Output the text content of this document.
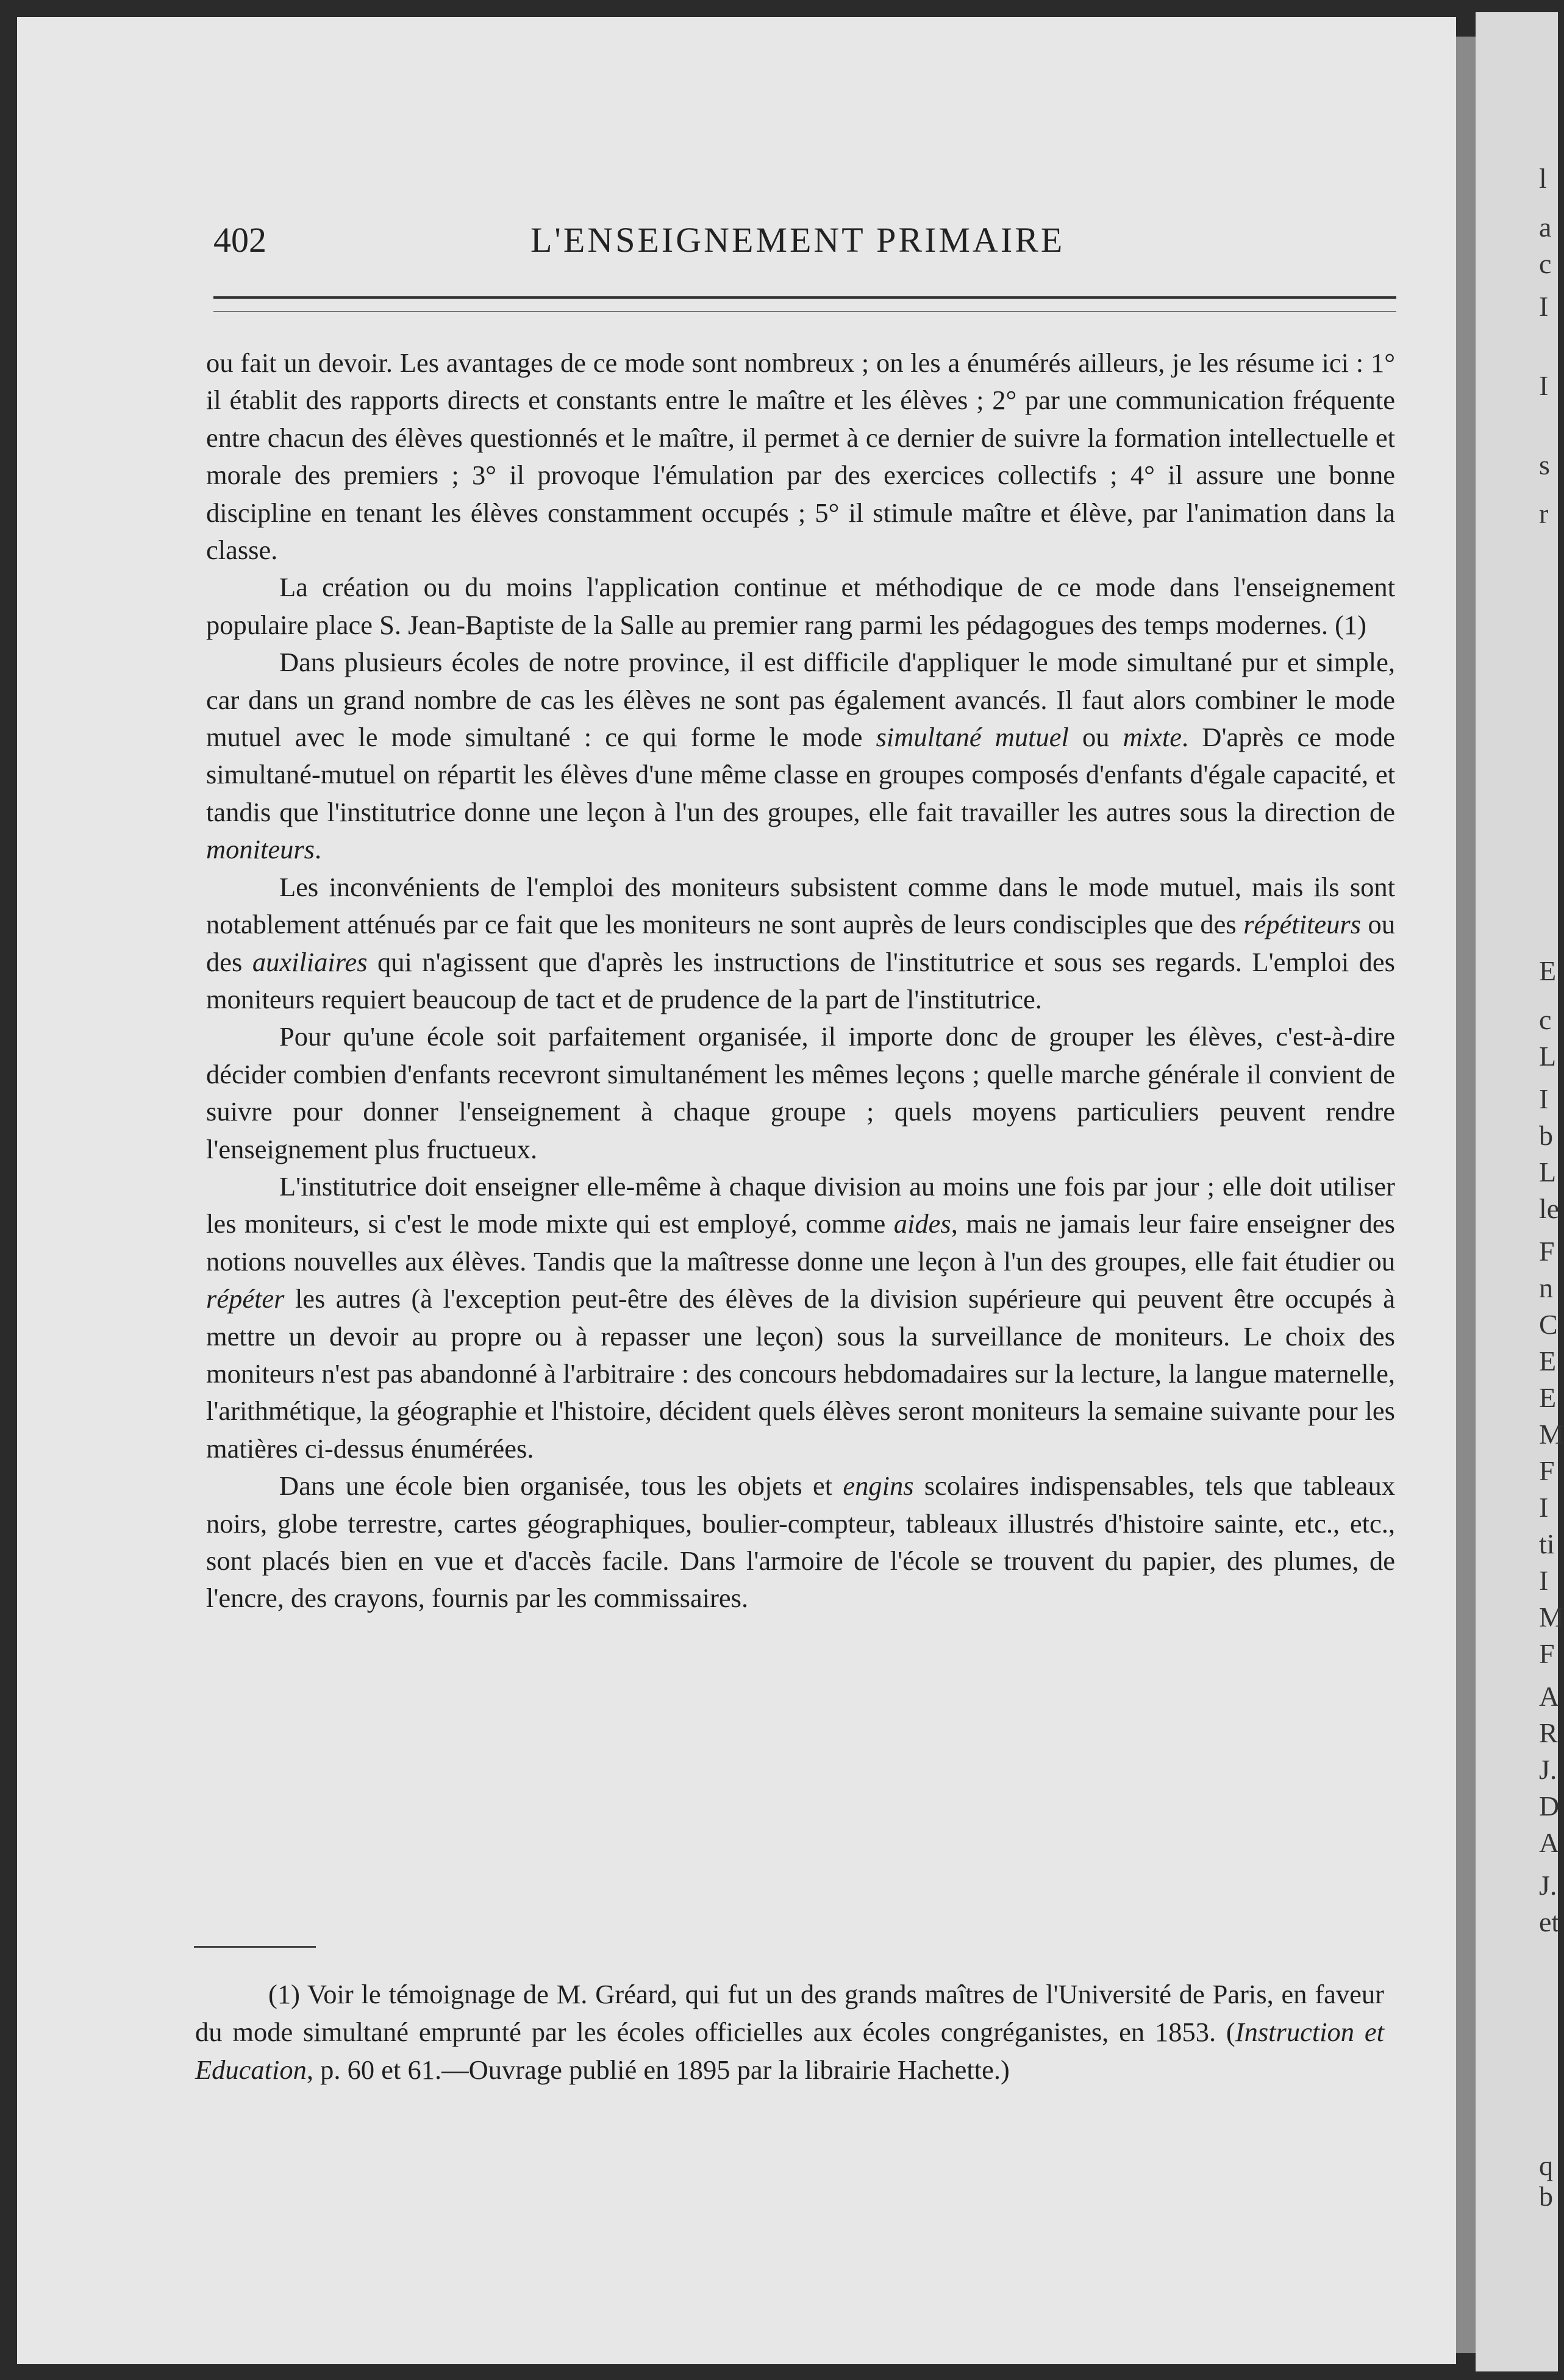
l
a
c
I
I
s
r
E
c
L
I
b
L
le
F
n
C
E
E
M
F
I
ti
I
M
F
A
R
J.
D
A
J.
et
q
b
402	L'ENSEIGNEMENT PRIMAIRE

ou fait un devoir. Les avantages de ce mode sont nombreux ; on les a énumérés ailleurs, je les résume ici : 1° il établit des rapports directs et constants entre le maître et les élèves ; 2° par une communication fréquente entre chacun des élèves questionnés et le maître, il permet à ce dernier de suivre la formation intellectuelle et morale des premiers ; 3° il provoque l'émulation par des exercices collectifs ; 4° il assure une bonne discipline en tenant les élèves constamment occupés ; 5° il stimule maître et élève, par l'animation dans la classe.

La création ou du moins l'application continue et méthodique de ce mode dans l'enseignement populaire place S. Jean-Baptiste de la Salle au premier rang parmi les pédagogues des temps modernes. (1)

Dans plusieurs écoles de notre province, il est difficile d'appliquer le mode simultané pur et simple, car dans un grand nombre de cas les élèves ne sont pas également avancés. Il faut alors combiner le mode mutuel avec le mode simultané : ce qui forme le mode simultané mutuel ou mixte. D'après ce mode simultané-mutuel on répartit les élèves d'une même classe en groupes composés d'enfants d'égale capacité, et tandis que l'institutrice donne une leçon à l'un des groupes, elle fait travailler les autres sous la direction de moniteurs.

Les inconvénients de l'emploi des moniteurs subsistent comme dans le mode mutuel, mais ils sont notablement atténués par ce fait que les moniteurs ne sont auprès de leurs condisciples que des répétiteurs ou des auxiliaires qui n'agissent que d'après les instructions de l'institutrice et sous ses regards. L'emploi des moniteurs requiert beaucoup de tact et de prudence de la part de l'institutrice.

Pour qu'une école soit parfaitement organisée, il importe donc de grouper les élèves, c'est-à-dire décider combien d'enfants recevront simultanément les mêmes leçons ; quelle marche générale il convient de suivre pour donner l'enseignement à chaque groupe ; quels moyens particuliers peuvent rendre l'enseignement plus fructueux.

L'institutrice doit enseigner elle-même à chaque division au moins une fois par jour ; elle doit utiliser les moniteurs, si c'est le mode mixte qui est employé, comme aides, mais ne jamais leur faire enseigner des notions nouvelles aux élèves. Tandis que la maîtresse donne une leçon à l'un des groupes, elle fait étudier ou répéter les autres (à l'exception peut-être des élèves de la division supérieure qui peuvent être occupés à mettre un devoir au propre ou à repasser une leçon) sous la surveillance de moniteurs. Le choix des moniteurs n'est pas abandonné à l'arbitraire : des concours hebdomadaires sur la lecture, la langue maternelle, l'arithmétique, la géographie et l'histoire, décident quels élèves seront moniteurs la semaine suivante pour les matières ci-dessus énumérées.

Dans une école bien organisée, tous les objets et engins scolaires indispensables, tels que tableaux noirs, globe terrestre, cartes géographiques, boulier-compteur, tableaux illustrés d'histoire sainte, etc., etc., sont placés bien en vue et d'accès facile. Dans l'armoire de l'école se trouvent du papier, des plumes, de l'encre, des crayons, fournis par les commissaires.

(1) Voir le témoignage de M. Gréard, qui fut un des grands maîtres de l'Université de Paris, en faveur du mode simultané emprunté par les écoles officielles aux écoles congréganistes, en 1853. (Instruction et Education, p. 60 et 61.—Ouvrage publié en 1895 par la librairie Hachette.)
